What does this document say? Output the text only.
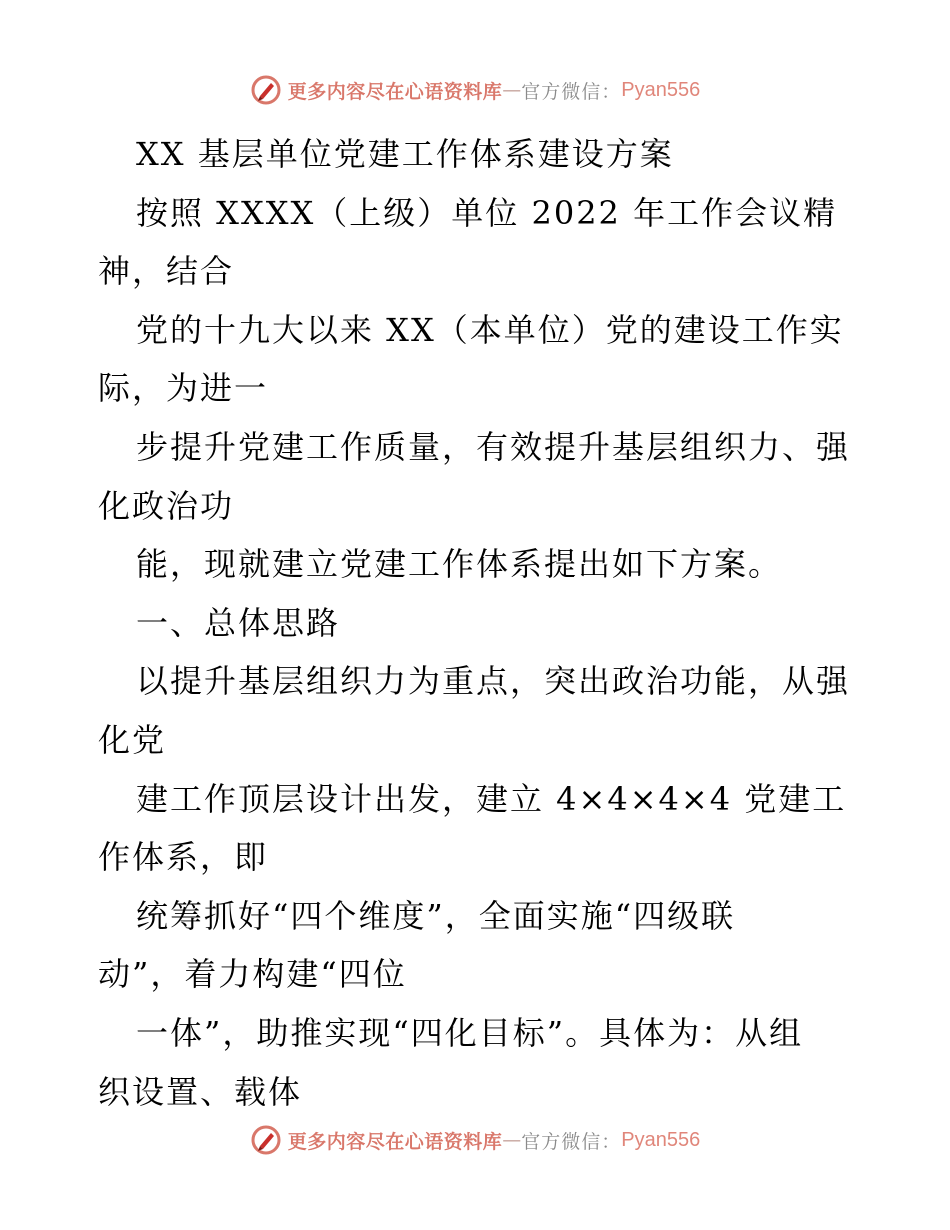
更多内容尽在心语资料库 — 官方微信： Pyan556
XX 基层单位党建工作体系建设方案
按照 XXXX（上级）单位 2022 年工作会议精
神，结合
党的十九大以来 XX（本单位）党的建设工作实
际，为进一
步提升党建工作质量，有效提升基层组织力、强
化政治功
能，现就建立党建工作体系提出如下方案。
一、总体思路
以提升基层组织力为重点，突出政治功能，从强
化党
建工作顶层设计出发，建立 4×4×4×4 党建工
作体系，即
统筹抓好“四个维度”，全面实施“四级联
动”，着力构建“四位
一体”，助推实现“四化目标”。具体为：从组
织设置、载体
更多内容尽在心语资料库 — 官方微信： Pyan556
